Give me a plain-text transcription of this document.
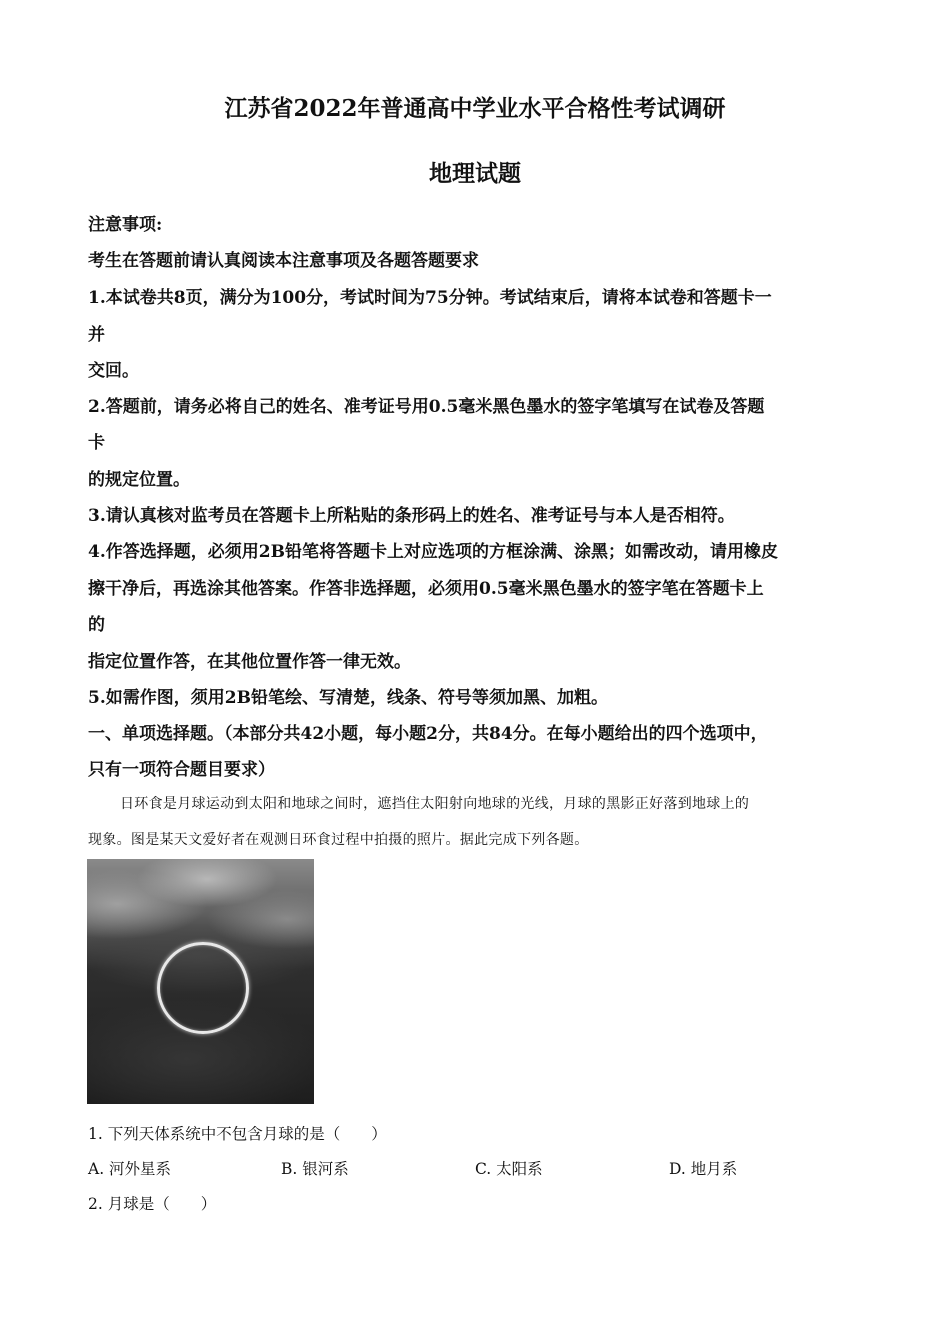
江苏省2022年普通高中学业水平合格性考试调研
地理试题
注意事项:
考生在答题前请认真阅读本注意事项及各题答题要求
1.本试卷共8页，满分为100分，考试时间为75分钟。考试结束后，请将本试卷和答题卡一
并
交回。
2.答题前，请务必将自己的姓名、准考证号用0.5毫米黑色墨水的签字笔填写在试卷及答题
卡
的规定位置。
3.请认真核对监考员在答题卡上所粘贴的条形码上的姓名、准考证号与本人是否相符。
4.作答选择题，必须用2B铅笔将答题卡上对应选项的方框涂满、涂黑；如需改动，请用橡皮
擦干净后，再选涂其他答案。作答非选择题，必须用0.5毫米黑色墨水的签字笔在答题卡上
的
指定位置作答，在其他位置作答一律无效。
5.如需作图，须用2B铅笔绘、写清楚，线条、符号等须加黑、加粗。
一、单项选择题。（本部分共42小题，每小题2分，共84分。在每小题给出的四个选项中，
只有一项符合题目要求）
日环食是月球运动到太阳和地球之间时，遮挡住太阳射向地球的光线，月球的黑影正好落到地球上的
现象。图是某天文爱好者在观测日环食过程中拍摄的照片。据此完成下列各题。
1. 下列天体系统中不包含月球的是（　　）
A. 河外星系	B. 银河系	C. 太阳系	D. 地月系
2. 月球是（　　）
